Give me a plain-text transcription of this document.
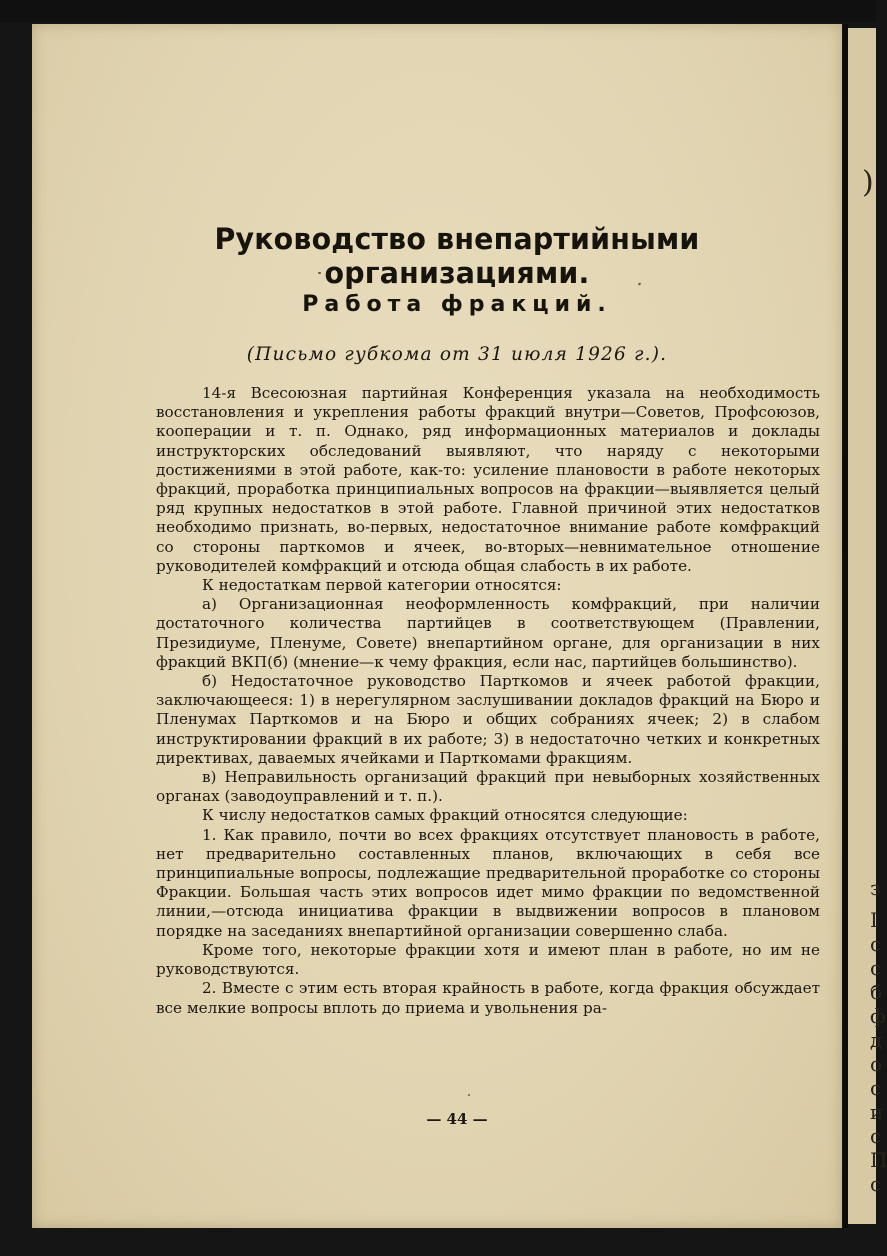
)
з
I
с
с
б
ф
д
о
с
и
с
П
с
Руководство внепартийными организациями.
Работа фракций.

(Письмо губкома от 31 июля 1926 г.).

14-я Всесоюзная партийная Конференция указала на необходимость восстановления и укрепления работы фракций внутри—Советов, Профсоюзов, кооперации и т. п. Однако, ряд информационных материалов и доклады инструкторских обследований выявляют, что наряду с некоторыми достижениями в этой работе, как-то: усиление плановости в работе некоторых фракций, проработка принципиальных вопросов на фракции—выявляется целый ряд крупных недостатков в этой работе. Главной причиной этих недостатков необходимо признать, во-первых, недостаточное внимание работе комфракций со стороны парткомов и ячеек, во-вторых—невнимательное отношение руководителей комфракций и отсюда общая слабость в их работе.

К недостаткам первой категории относятся:

а) Организационная неоформленность комфракций, при наличии достаточного количества партийцев в соответствующем (Правлении, Президиуме, Пленуме, Совете) внепартийном органе, для организации в них фракций ВКП(б) (мнение—к чему фракция, если нас, партийцев большинство).

б) Недостаточное руководство Парткомов и ячеек работой фракции, заключающееся: 1) в нерегулярном заслушивании докладов фракций на Бюро и Пленумах Парткомов и на Бюро и общих собраниях ячеек; 2) в слабом инструктировании фракций в их работе; 3) в недостаточно четких и конкретных директивах, даваемых ячейками и Парткомами фракциям.

в) Неправильность организаций фракций при невыборных хозяйственных органах (заводоуправлений и т. п.).

К числу недостатков самых фракций относятся следующие:

1. Как правило, почти во всех фракциях отсутствует плановость в работе, нет предварительно составленных планов, включающих в себя все принципиальные вопросы, подлежащие предварительной проработке со стороны Фракции. Большая часть этих вопросов идет мимо фракции по ведомственной линии,—отсюда инициатива фракции в выдвижении вопросов в плановом порядке на заседаниях внепартийной организации совершенно слаба.

Кроме того, некоторые фракции хотя и имеют план в работе, но им не руководствуются.

2. Вместе с этим есть вторая крайность в работе, когда фракция обсуждает все мелкие вопросы вплоть до приема и увольнения ра-

— 44 —
